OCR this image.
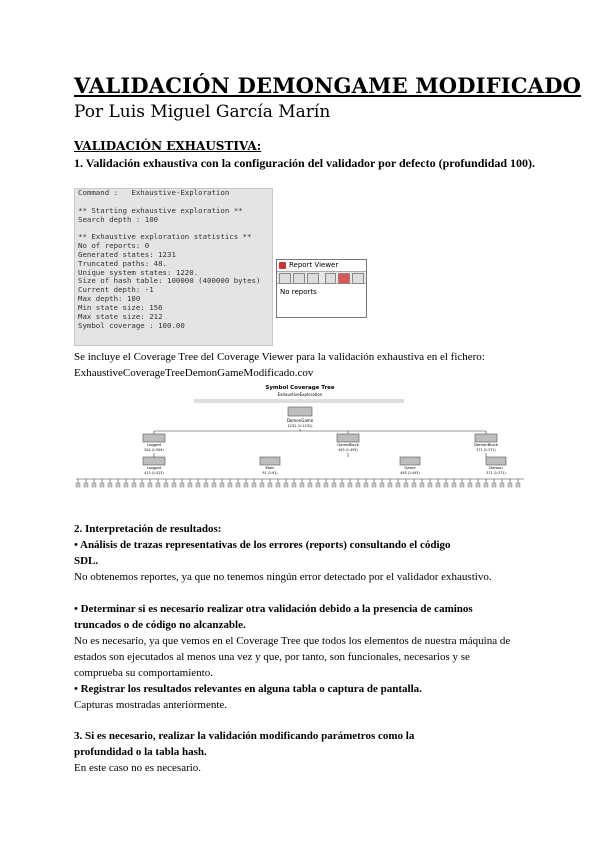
VALIDACIÓN DEMONGAME MODIFICADO
Por Luis Miguel García Marín
VALIDACIÓN EXHAUSTIVA:
1. Validación exhaustiva con la configuración del validador por defecto (profundidad 100).
Command :   Exhaustive-Exploration

** Starting exhaustive exploration **
Search depth : 100

** Exhaustive exploration statistics **
No of reports: 0
Generated states: 1231
Truncated paths: 48.
Unique system states: 1220.
Size of hash table: 100000 (400000 bytes)
Current depth: -1
Max depth: 100
Min state size: 156
Max state size: 212
Symbol coverage : 100.00
Report Viewer
No reports
Se incluye el Coverage Tree del Coverage Viewer para la validación exhaustiva en el fichero: ExhaustiveCoverageTreeDemonGameModificado.cov
Symbol Coverage Tree
ExhaustiveExploration
DemonGame
1231 (1:1231)
Logged
504 (1:504)
GameBlock
493 (1:493)
DemonBlock
371 (1:371)
Logged
413 (1:413)
Main
91 (1:91)
Game
493 (1:493)
Demon
371 (1:371)
2. Interpretación de resultados:
• Análisis de trazas representativas de los errores (reports) consultando el código SDL.
No obtenemos reportes, ya que no tenemos ningún error detectado por el validador exhaustivo.
• Determinar si es necesario realizar otra validación debido a la presencia de caminos truncados o de código no alcanzable.
No es necesario, ya que vemos en el Coverage Tree que todos los elementos de nuestra máquina de estados son ejecutados al menos una vez y que, por tanto, son funcionales, necesarios y se comprueba su comportamiento.
• Registrar los resultados relevantes en alguna tabla o captura de pantalla.
Capturas mostradas anteriormente.
3. Si es necesario, realizar la validación modificando parámetros como la profundidad o la tabla hash.
En este caso no es necesario.
